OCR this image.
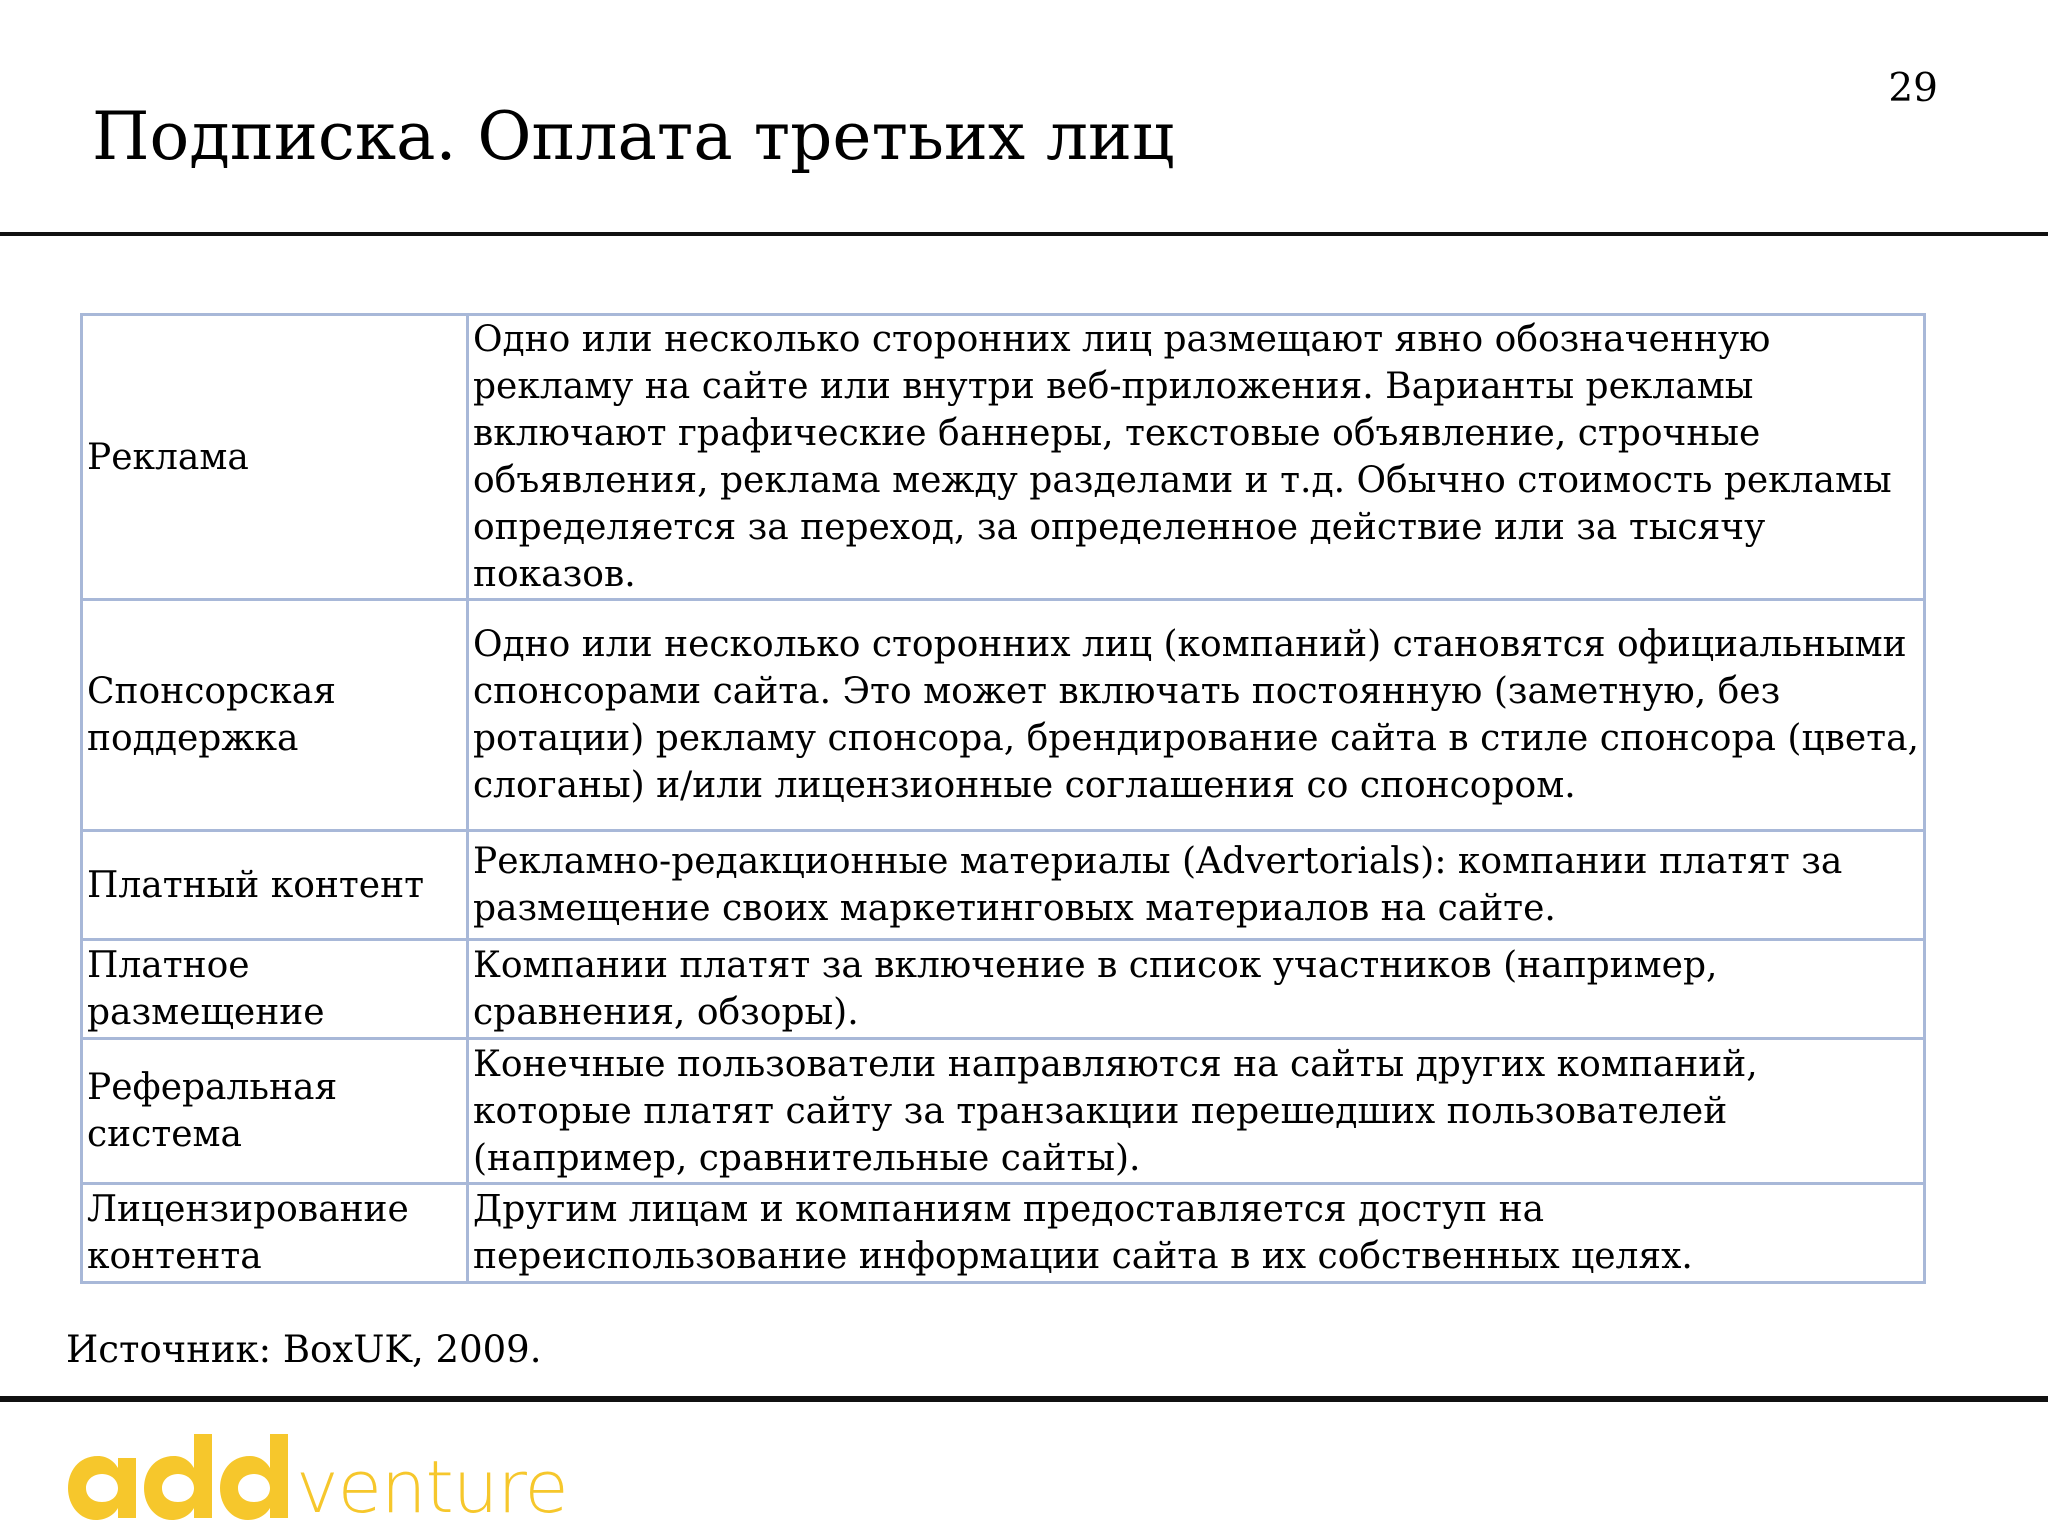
29
Подписка. Оплата третьих лиц
Реклама	Одно или несколько сторонних лиц размещают явно обозначенную рекламу на сайте или внутри веб-приложения. Варианты рекламы включают графические баннеры, текстовые объявление, строчные объявления, реклама между разделами и т.д. Обычно стоимость рекламы определяется за переход, за определенное действие или за тысячу показов.
Спонсорская поддержка	Одно или несколько сторонних лиц (компаний) становятся официальными спонсорами сайта. Это может включать постоянную (заметную, без ротации) рекламу спонсора, брендирование сайта в стиле спонсора (цвета, слоганы) и/или лицензионные соглашения со спонсором.
Платный контент	Рекламно-редакционные материалы (Advertorials): компании платят за размещение своих маркетинговых материалов на сайте.
Платное размещение	Компании платят за включение в список участников (например, сравнения, обзоры).
Реферальная система	Конечные пользователи направляются на сайты других компаний, которые платят сайту за транзакции перешедших пользователей (например, сравнительные сайты).
Лицензирование контента	Другим лицам и компаниям предоставляется доступ на переиспользование информации сайта в их собственных целях.
Источник: BoxUK, 2009.
venture
